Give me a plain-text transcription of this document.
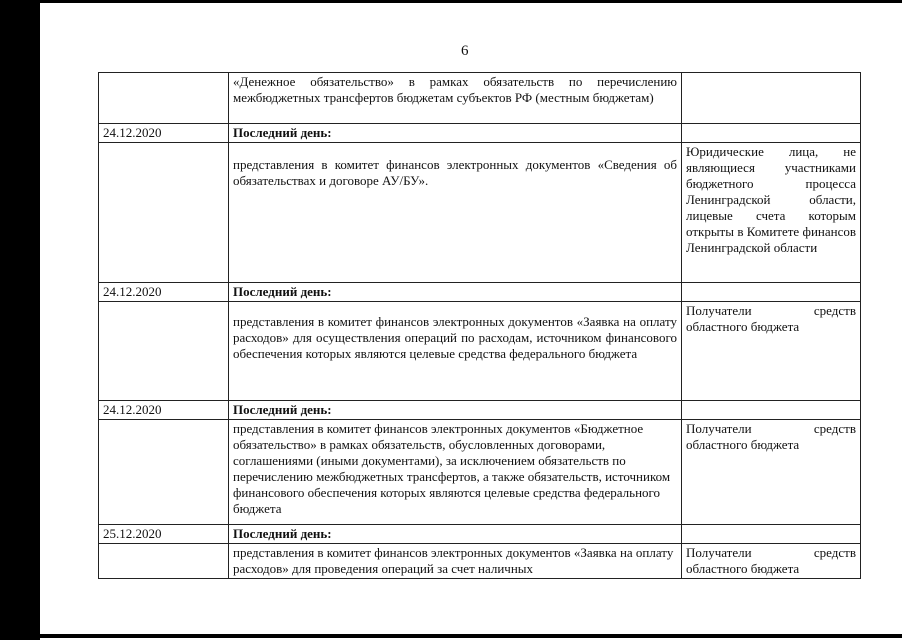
6
	«Денежное обязательство» в рамках обязательств по перечислению межбюджетных трансфертов бюджетам субъектов РФ (местным бюджетам)	
24.12.2020	Последний день:	
	представления в комитет финансов электронных документов «Сведения об обязательствах и договоре АУ/БУ».	Юридические лица, не являющиеся участниками бюджетного процесса Ленинградской области, лицевые счета которым открыты в Комитете финансов Ленинградской области
24.12.2020	Последний день:	
	представления в комитет финансов электронных документов «Заявка на оплату расходов» для осуществления операций по расходам, источником финансового обеспечения которых являются целевые средства федерального бюджета	Получатели средств областного бюджета
24.12.2020	Последний день:	
	представления в комитет финансов электронных документов «Бюджетное обязательство» в рамках обязательств, обусловленных договорами, соглашениями (иными документами), за исключением обязательств по перечислению межбюджетных трансфертов, а также обязательств, источником финансового обеспечения которых являются целевые средства федерального бюджета	Получатели средств областного бюджета
25.12.2020	Последний день:	
	представления в комитет финансов электронных документов «Заявка на оплату расходов» для проведения операций за счет наличных	Получатели средств областного бюджета
